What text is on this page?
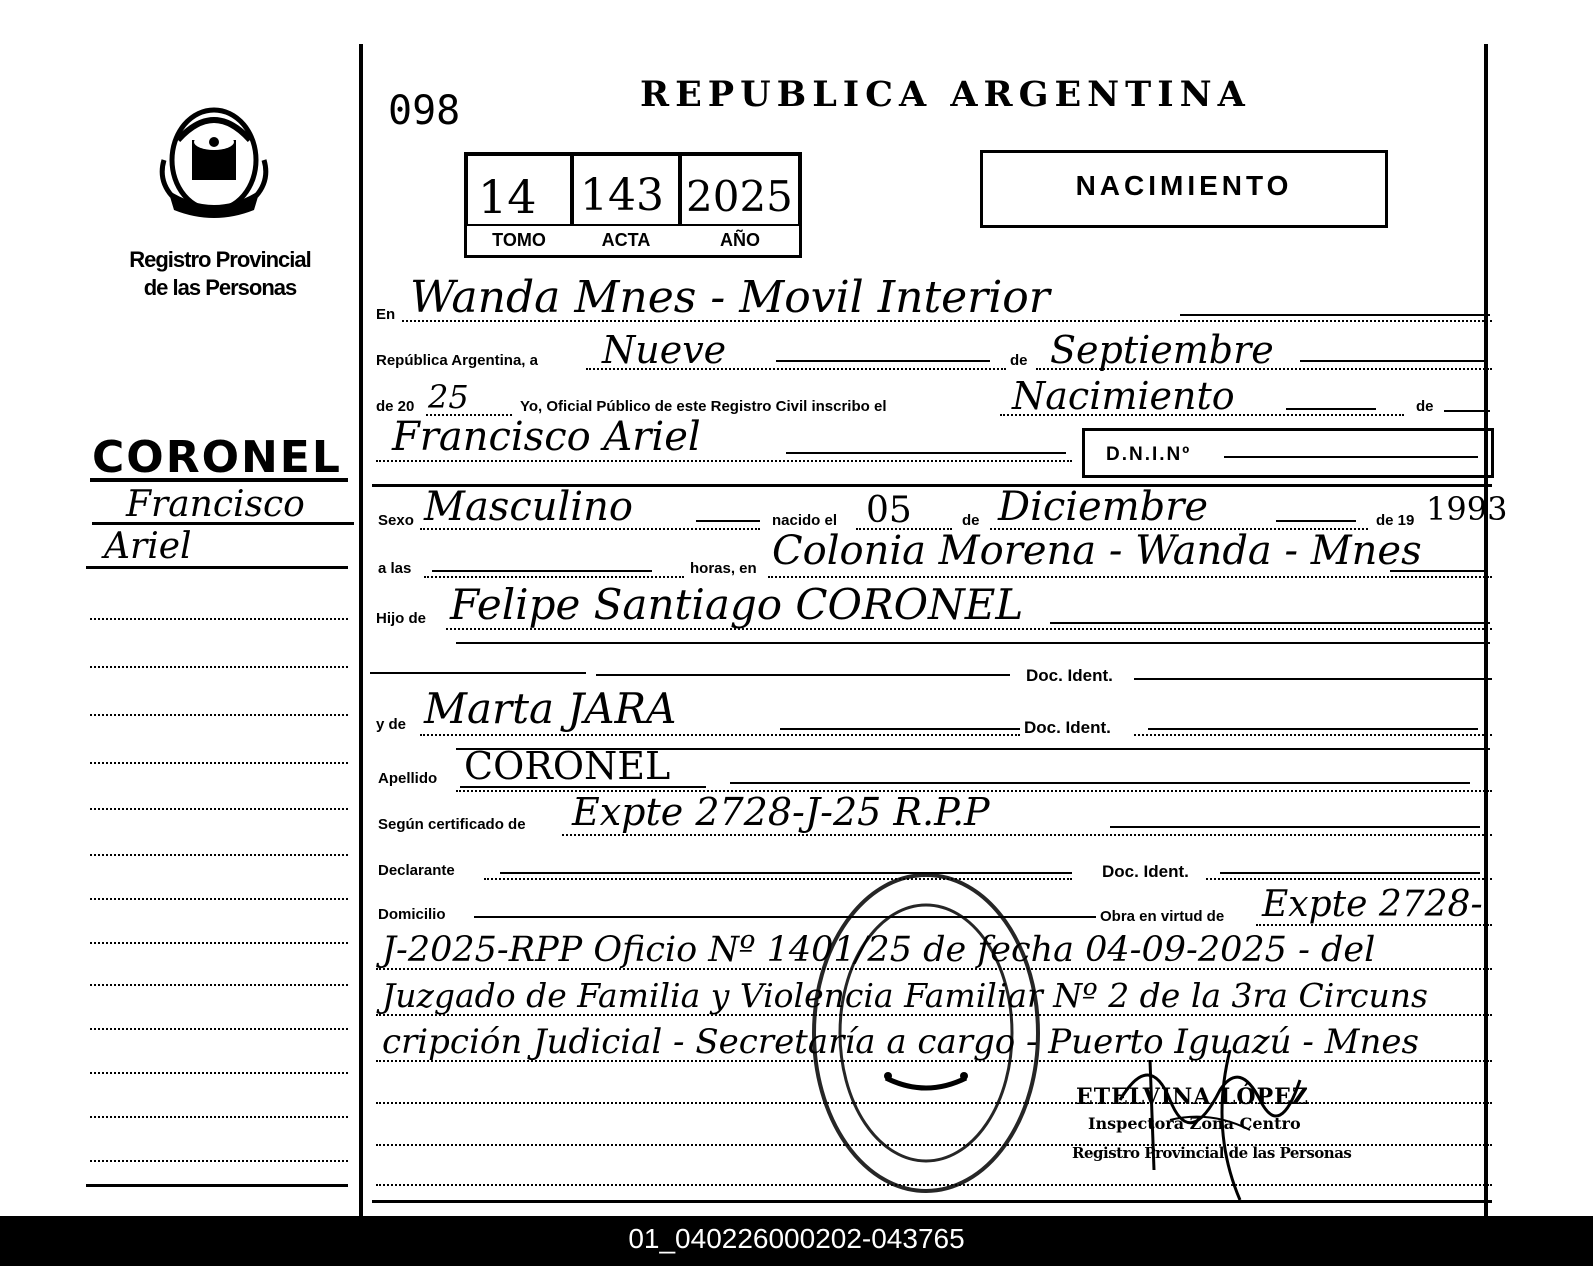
Registro Provincial
de las Personas
CORONEL
Francisco
Ariel
098	REPUBLICA ARGENTINA
14 143 2025
TOMO	ACTA	AÑO
NACIMIENTO
En Wanda Mnes - Movil Interior
República Argentina, a Nueve	de Septiembre
de 20 25	Yo, Oficial Público de este Registro Civil inscribo el	Nacimiento	de
Francisco Ariel	D.N.I.Nº
Sexo Masculino	nacido el 05	de Diciembre	de 19 1993
a las	horas, en Colonia Morena - Wanda - Mnes
Hijo de Felipe Santiago CORONEL
Doc. Ident.
y de Marta JARA	Doc. Ident.
Apellido CORONEL
Según certificado de Expte 2728-J-25 R.P.P
Declarante	Doc. Ident.
Domicilio	Obra en virtud de Expte 2728-
J-2025-RPP Oficio Nº 1401/25 de fecha 04-09-2025 - del
Juzgado de Familia y Violencia Familiar Nº 2 de la 3ra Circuns
cripción Judicial - Secretaría a cargo - Puerto Iguazú - Mnes
ETELVINA LÓPEZ
Inspectora Zona Centro
Registro Provincial de las Personas
01_040226000202-043765
